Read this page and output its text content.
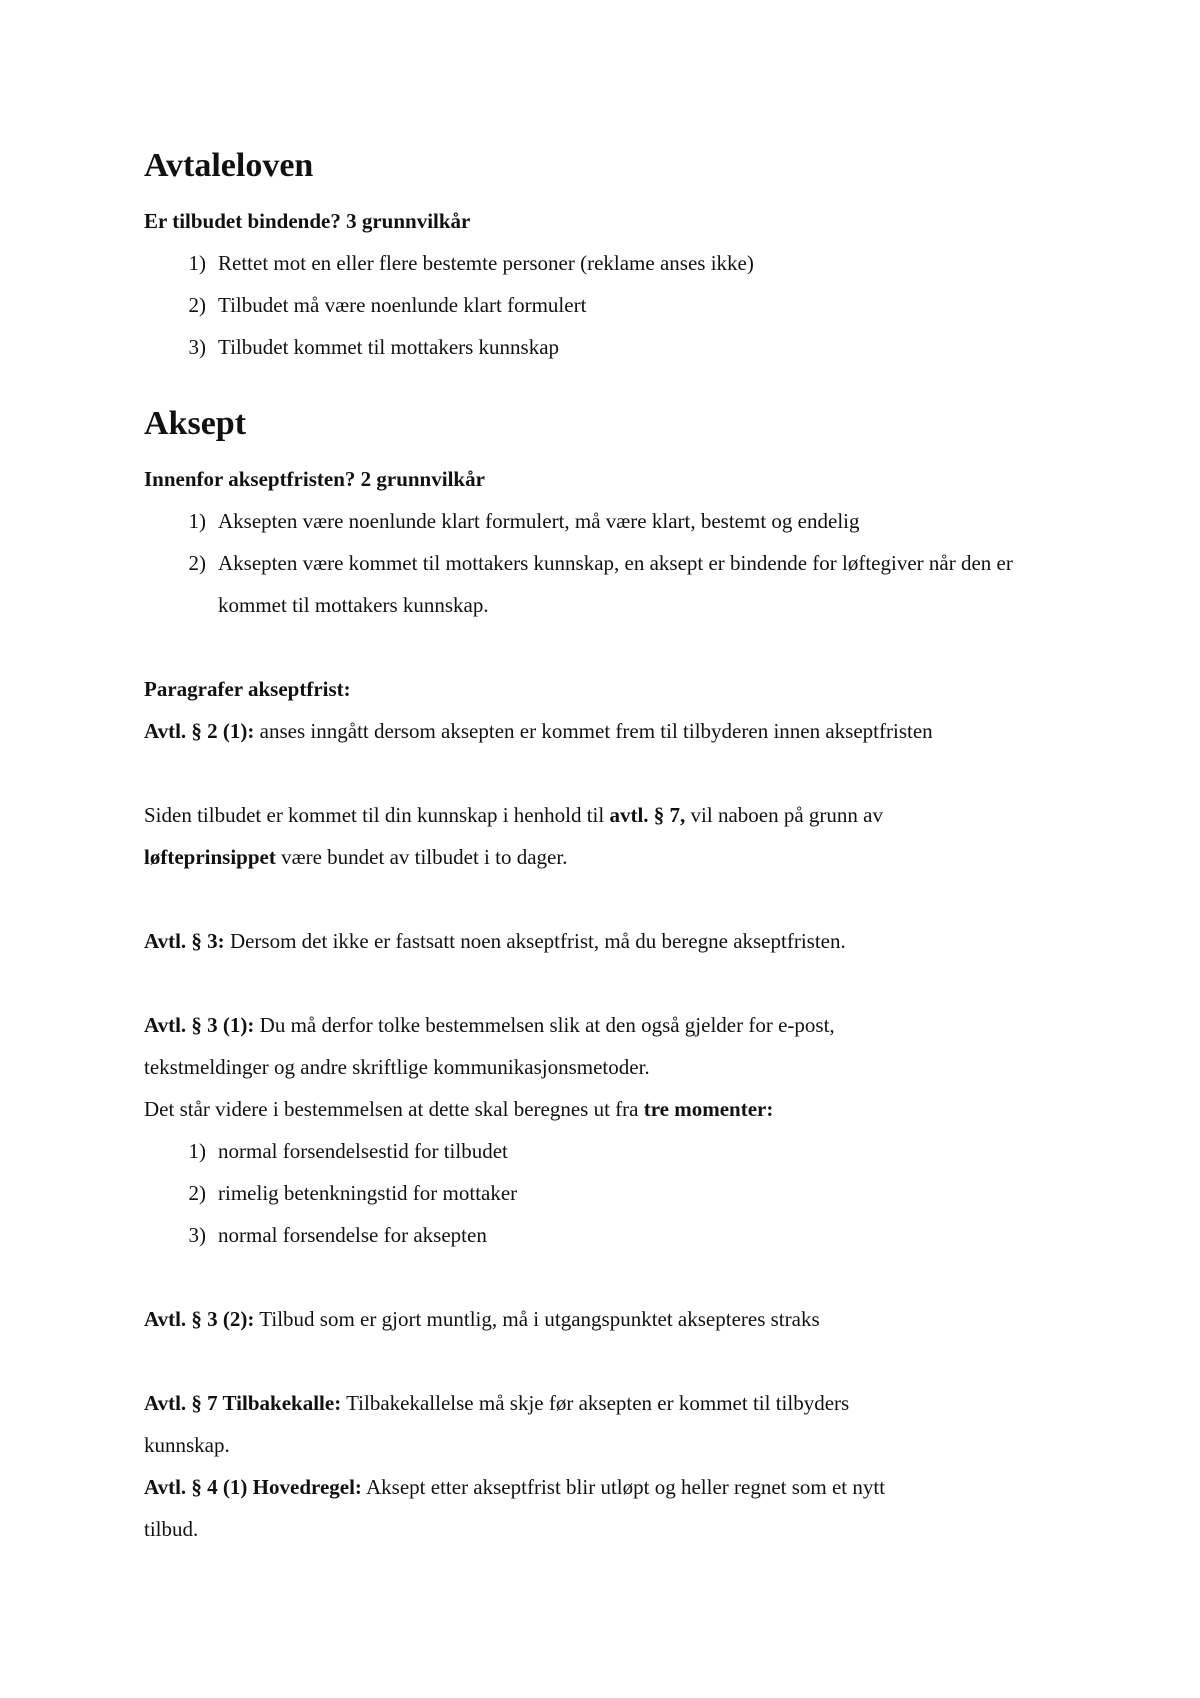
Avtaleloven
Er tilbudet bindende? 3 grunnvilkår
1) Rettet mot en eller flere bestemte personer (reklame anses ikke)
2) Tilbudet må være noenlunde klart formulert
3) Tilbudet kommet til mottakers kunnskap
Aksept
Innenfor akseptfristen? 2 grunnvilkår
1) Aksepten være noenlunde klart formulert, må være klart, bestemt og endelig
2) Aksepten være kommet til mottakers kunnskap, en aksept er bindende for løftegiver når den er kommet til mottakers kunnskap.
Paragrafer akseptfrist:
Avtl. § 2 (1): anses inngått dersom aksepten er kommet frem til tilbyderen innen akseptfristen
Siden tilbudet er kommet til din kunnskap i henhold til avtl. § 7, vil naboen på grunn av
løfteprinsippet være bundet av tilbudet i to dager.
Avtl. § 3: Dersom det ikke er fastsatt noen akseptfrist, må du beregne akseptfristen.
Avtl. § 3 (1): Du må derfor tolke bestemmelsen slik at den også gjelder for e-post,
tekstmeldinger og andre skriftlige kommunikasjonsmetoder.
Det står videre i bestemmelsen at dette skal beregnes ut fra tre momenter:
1) normal forsendelsestid for tilbudet
2) rimelig betenkningstid for mottaker
3) normal forsendelse for aksepten
Avtl. § 3 (2): Tilbud som er gjort muntlig, må i utgangspunktet aksepteres straks
Avtl. § 7 Tilbakekalle: Tilbakekallelse må skje før aksepten er kommet til tilbyders
kunnskap.
Avtl. § 4 (1) Hovedregel: Aksept etter akseptfrist blir utløpt og heller regnet som et nytt
tilbud.
